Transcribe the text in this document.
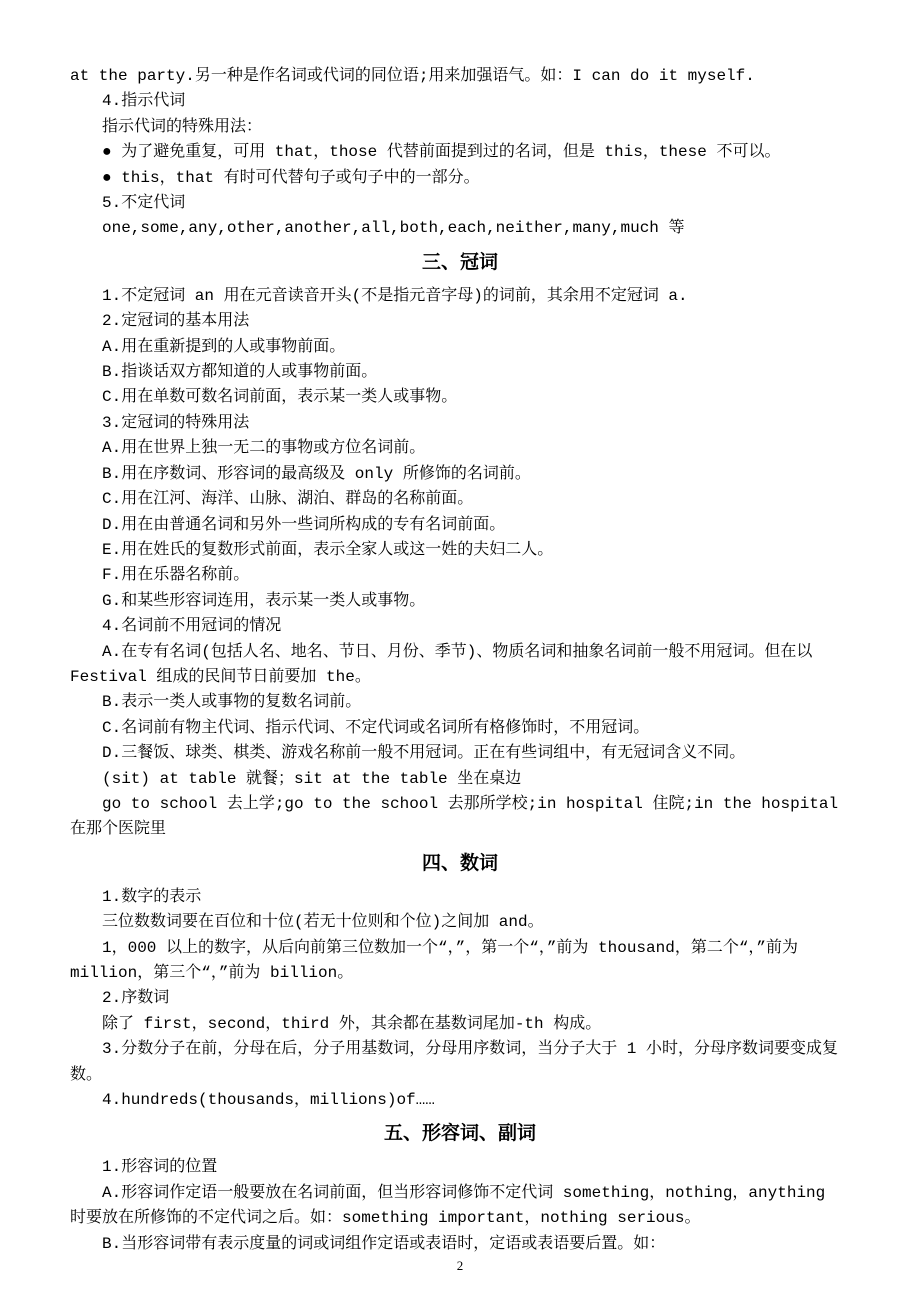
at the party.另一种是作名词或代词的同位语;用来加强语气。如：I can do it myself.
4.指示代词
指示代词的特殊用法：
● 为了避免重复，可用 that，those 代替前面提到过的名词，但是 this，these 不可以。
● this，that 有时可代替句子或句子中的一部分。
5.不定代词
one,some,any,other,another,all,both,each,neither,many,much 等
三、冠词
1.不定冠词 an 用在元音读音开头(不是指元音字母)的词前，其余用不定冠词 a.
2.定冠词的基本用法
A.用在重新提到的人或事物前面。
B.指谈话双方都知道的人或事物前面。
C.用在单数可数名词前面，表示某一类人或事物。
3.定冠词的特殊用法
A.用在世界上独一无二的事物或方位名词前。
B.用在序数词、形容词的最高级及 only 所修饰的名词前。
C.用在江河、海洋、山脉、湖泊、群岛的名称前面。
D.用在由普通名词和另外一些词所构成的专有名词前面。
E.用在姓氏的复数形式前面，表示全家人或这一姓的夫妇二人。
F.用在乐器名称前。
G.和某些形容词连用，表示某一类人或事物。
4.名词前不用冠词的情况
A.在专有名词(包括人名、地名、节日、月份、季节)、物质名词和抽象名词前一般不用冠词。但在以 Festival 组成的民间节日前要加 the。
B.表示一类人或事物的复数名词前。
C.名词前有物主代词、指示代词、不定代词或名词所有格修饰时，不用冠词。
D.三餐饭、球类、棋类、游戏名称前一般不用冠词。正在有些词组中，有无冠词含义不同。
(sit) at table 就餐；sit at the table 坐在桌边
go to school 去上学;go to the school 去那所学校;in hospital 住院;in the hospital 在那个医院里
四、数词
1.数字的表示
三位数数词要在百位和十位(若无十位则和个位)之间加 and。
1，000 以上的数字，从后向前第三位数加一个“，”，第一个“，”前为 thousand，第二个“，”前为 million，第三个“，”前为 billion。
2.序数词
除了 first，second，third 外，其余都在基数词尾加-th 构成。
3.分数分子在前，分母在后，分子用基数词，分母用序数词，当分子大于 1 小时，分母序数词要变成复数。
4.hundreds(thousands，millions)of……
五、形容词、副词
1.形容词的位置
A.形容词作定语一般要放在名词前面，但当形容词修饰不定代词 something，nothing，anything 时要放在所修饰的不定代词之后。如：something important，nothing serious。
B.当形容词带有表示度量的词或词组作定语或表语时，定语或表语要后置。如：
2
